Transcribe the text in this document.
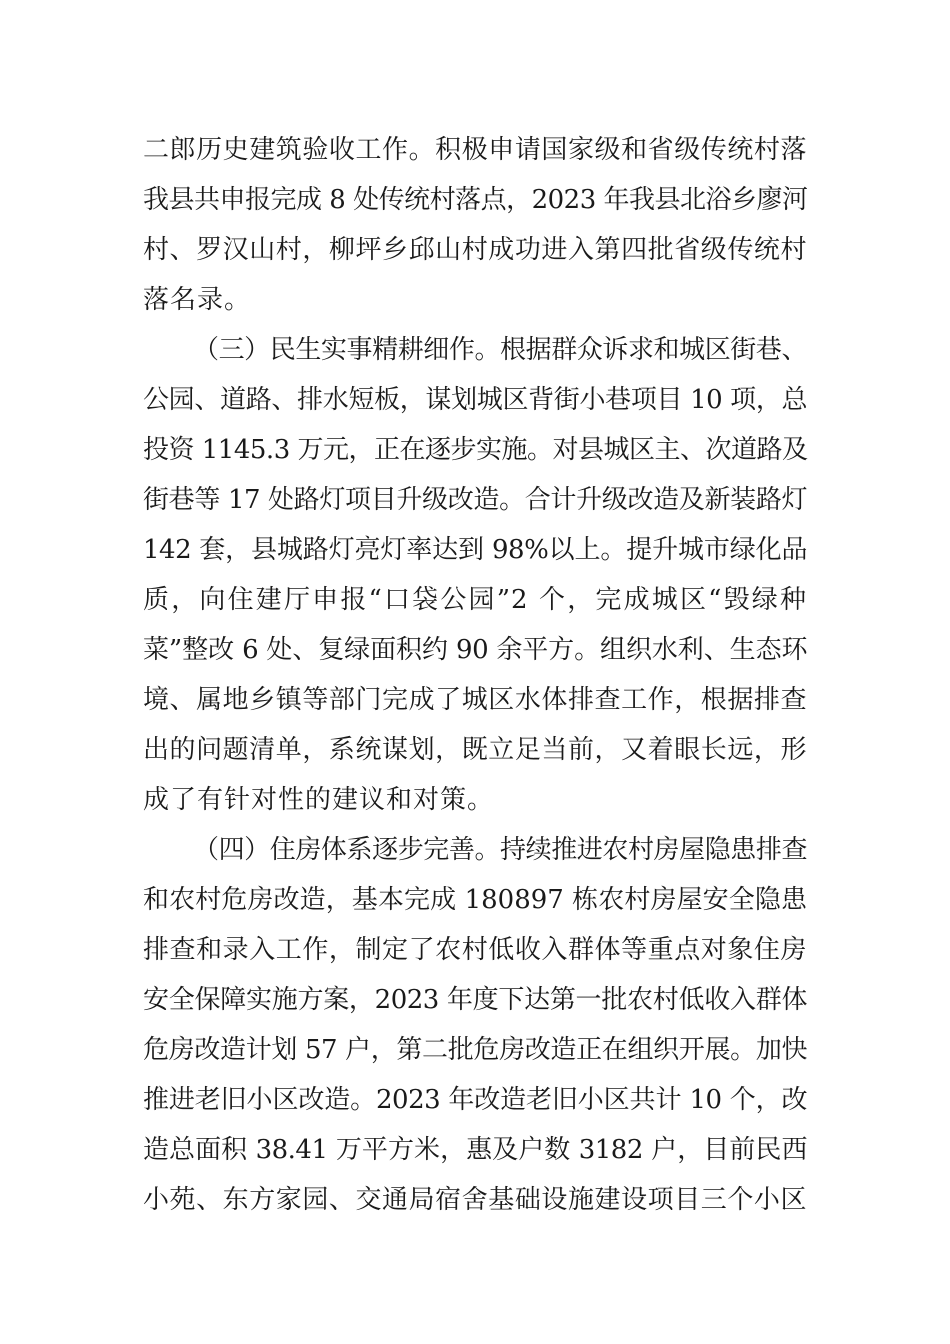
二郎历史建筑验收工作。积极申请国家级和省级传统村落
我县共申报完成 8 处传统村落点，2023 年我县北浴乡廖河
村、罗汉山村，柳坪乡邱山村成功进入第四批省级传统村
落名录。
（三）民生实事精耕细作。根据群众诉求和城区街巷、
公园、道路、排水短板，谋划城区背街小巷项目 10 项，总
投资 1145.3 万元，正在逐步实施。对县城区主、次道路及
街巷等 17 处路灯项目升级改造。合计升级改造及新装路灯
142 套，县城路灯亮灯率达到 98%以上。提升城市绿化品
质，向住建厅申报“口袋公园”2 个，完成城区“毁绿种
菜”整改 6 处、复绿面积约 90 余平方。组织水利、生态环
境、属地乡镇等部门完成了城区水体排查工作，根据排查
出的问题清单，系统谋划，既立足当前，又着眼长远，形
成了有针对性的建议和对策。
（四）住房体系逐步完善。持续推进农村房屋隐患排查
和农村危房改造，基本完成 180897 栋农村房屋安全隐患
排查和录入工作，制定了农村低收入群体等重点对象住房
安全保障实施方案，2023 年度下达第一批农村低收入群体
危房改造计划 57 户，第二批危房改造正在组织开展。加快
推进老旧小区改造。2023 年改造老旧小区共计 10 个，改
造总面积 38.41 万平方米，惠及户数 3182 户，目前民西
小苑、东方家园、交通局宿舍基础设施建设项目三个小区
